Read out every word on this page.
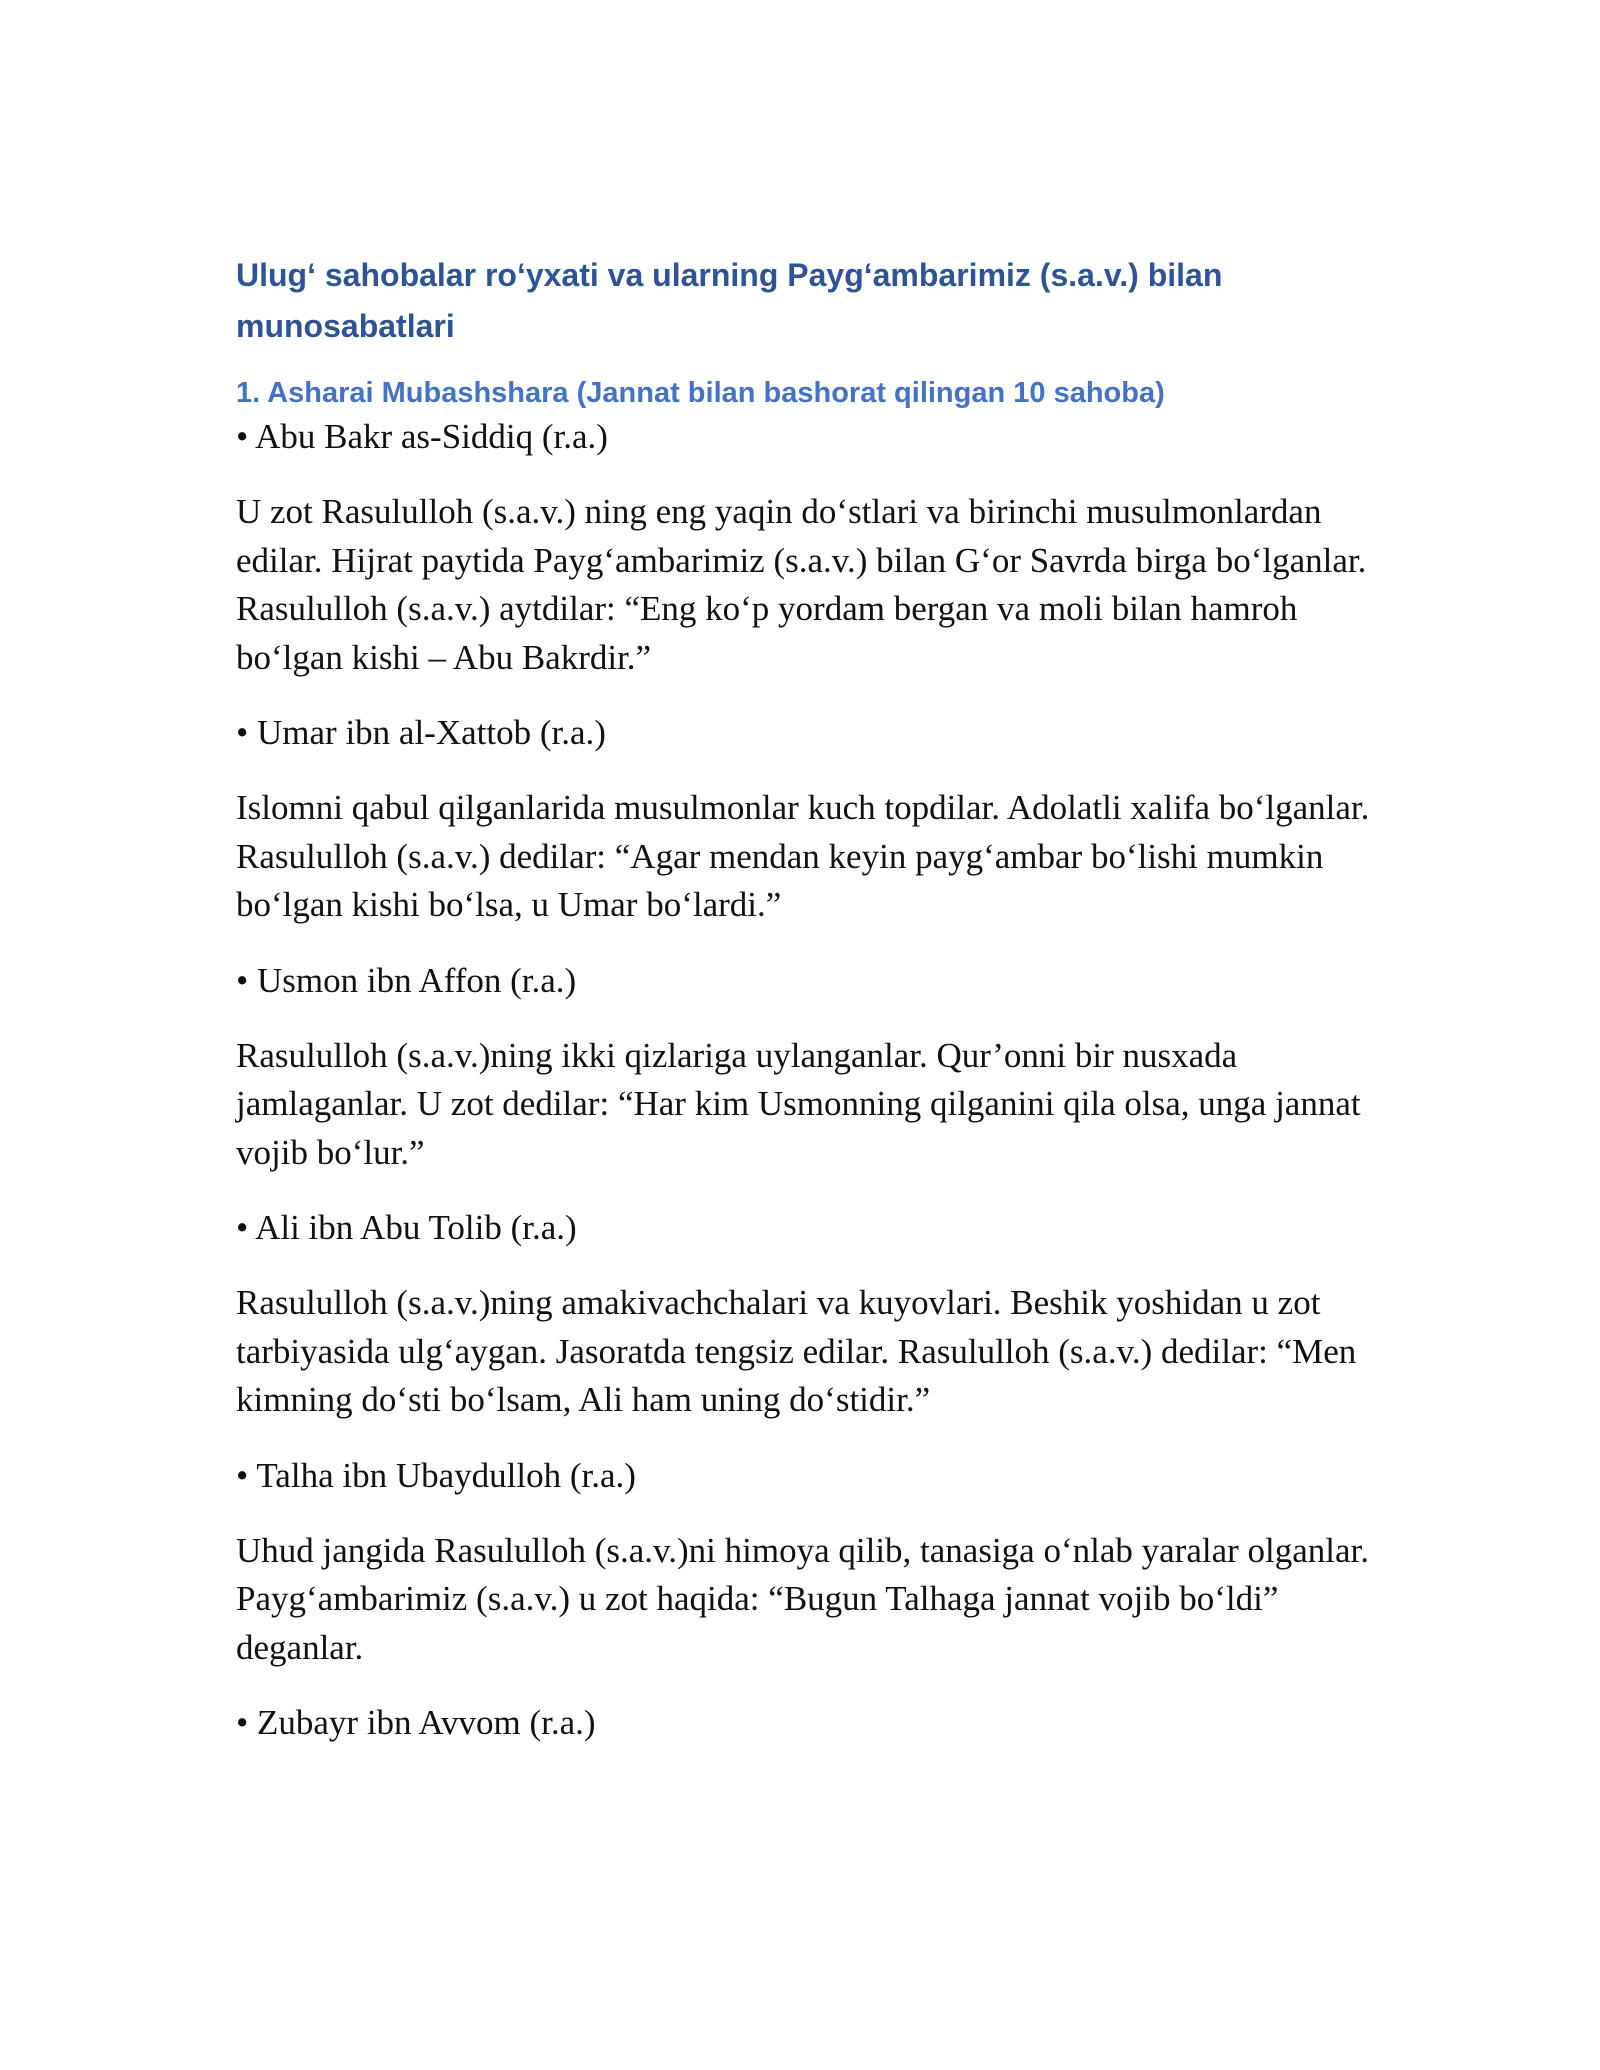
Ulug‘ sahobalar ro‘yxati va ularning Payg‘ambarimiz (s.a.v.) bilan munosabatlari
1. Asharai Mubashshara (Jannat bilan bashorat qilingan 10 sahoba)

• Abu Bakr as-Siddiq (r.a.)

U zot Rasululloh (s.a.v.) ning eng yaqin do‘stlari va birinchi musulmonlardan edilar. Hijrat paytida Payg‘ambarimiz (s.a.v.) bilan G‘or Savrda birga bo‘lganlar. Rasululloh (s.a.v.) aytdilar: “Eng ko‘p yordam bergan va moli bilan hamroh bo‘lgan kishi – Abu Bakrdir.”

• Umar ibn al-Xattob (r.a.)

Islomni qabul qilganlarida musulmonlar kuch topdilar. Adolatli xalifa bo‘lganlar. Rasululloh (s.a.v.) dedilar: “Agar mendan keyin payg‘ambar bo‘lishi mumkin bo‘lgan kishi bo‘lsa, u Umar bo‘lardi.”

• Usmon ibn Affon (r.a.)

Rasululloh (s.a.v.)ning ikki qizlariga uylanganlar. Qur’onni bir nusxada jamlaganlar. U zot dedilar: “Har kim Usmonning qilganini qila olsa, unga jannat vojib bo‘lur.”

• Ali ibn Abu Tolib (r.a.)

Rasululloh (s.a.v.)ning amakivachchalari va kuyovlari. Beshik yoshidan u zot tarbiyasida ulg‘aygan. Jasoratda tengsiz edilar. Rasululloh (s.a.v.) dedilar: “Men kimning do‘sti bo‘lsam, Ali ham uning do‘stidir.”

• Talha ibn Ubaydulloh (r.a.)

Uhud jangida Rasululloh (s.a.v.)ni himoya qilib, tanasiga o‘nlab yaralar olganlar. Payg‘ambarimiz (s.a.v.) u zot haqida: “Bugun Talhaga jannat vojib bo‘ldi” deganlar.

• Zubayr ibn Avvom (r.a.)
